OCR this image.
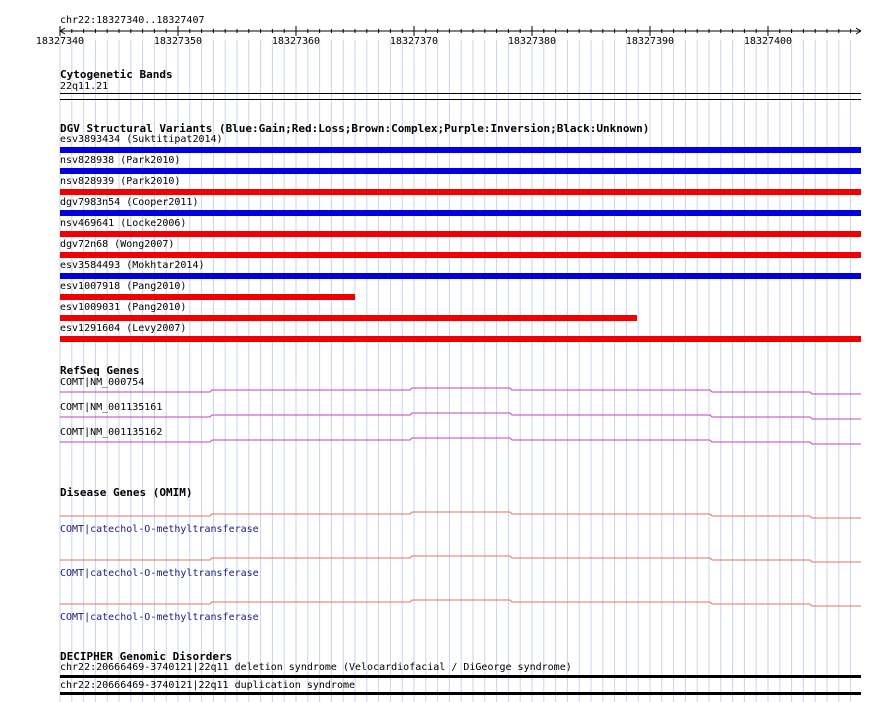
chr22:18327340..18327407
18327340	18327350	18327360	18327370	18327380	18327390	18327400
Cytogenetic Bands
22q11.21
DGV Structural Variants (Blue:Gain;Red:Loss;Brown:Complex;Purple:Inversion;Black:Unknown)
esv3893434 (Suktitipat2014)
nsv828938 (Park2010)
nsv828939 (Park2010)
dgv7983n54 (Cooper2011)
nsv469641 (Locke2006)
dgv72n68 (Wong2007)
esv3584493 (Mokhtar2014)
esv1007918 (Pang2010)
esv1009031 (Pang2010)
esv1291604 (Levy2007)
RefSeq Genes
COMT|NM_000754
COMT|NM_001135161
COMT|NM_001135162
Disease Genes (OMIM)
COMT|catechol-O-methyltransferase
COMT|catechol-O-methyltransferase
COMT|catechol-O-methyltransferase
DECIPHER Genomic Disorders
chr22:20666469-3740121|22q11 deletion syndrome (Velocardiofacial / DiGeorge syndrome)
chr22:20666469-3740121|22q11 duplication syndrome
